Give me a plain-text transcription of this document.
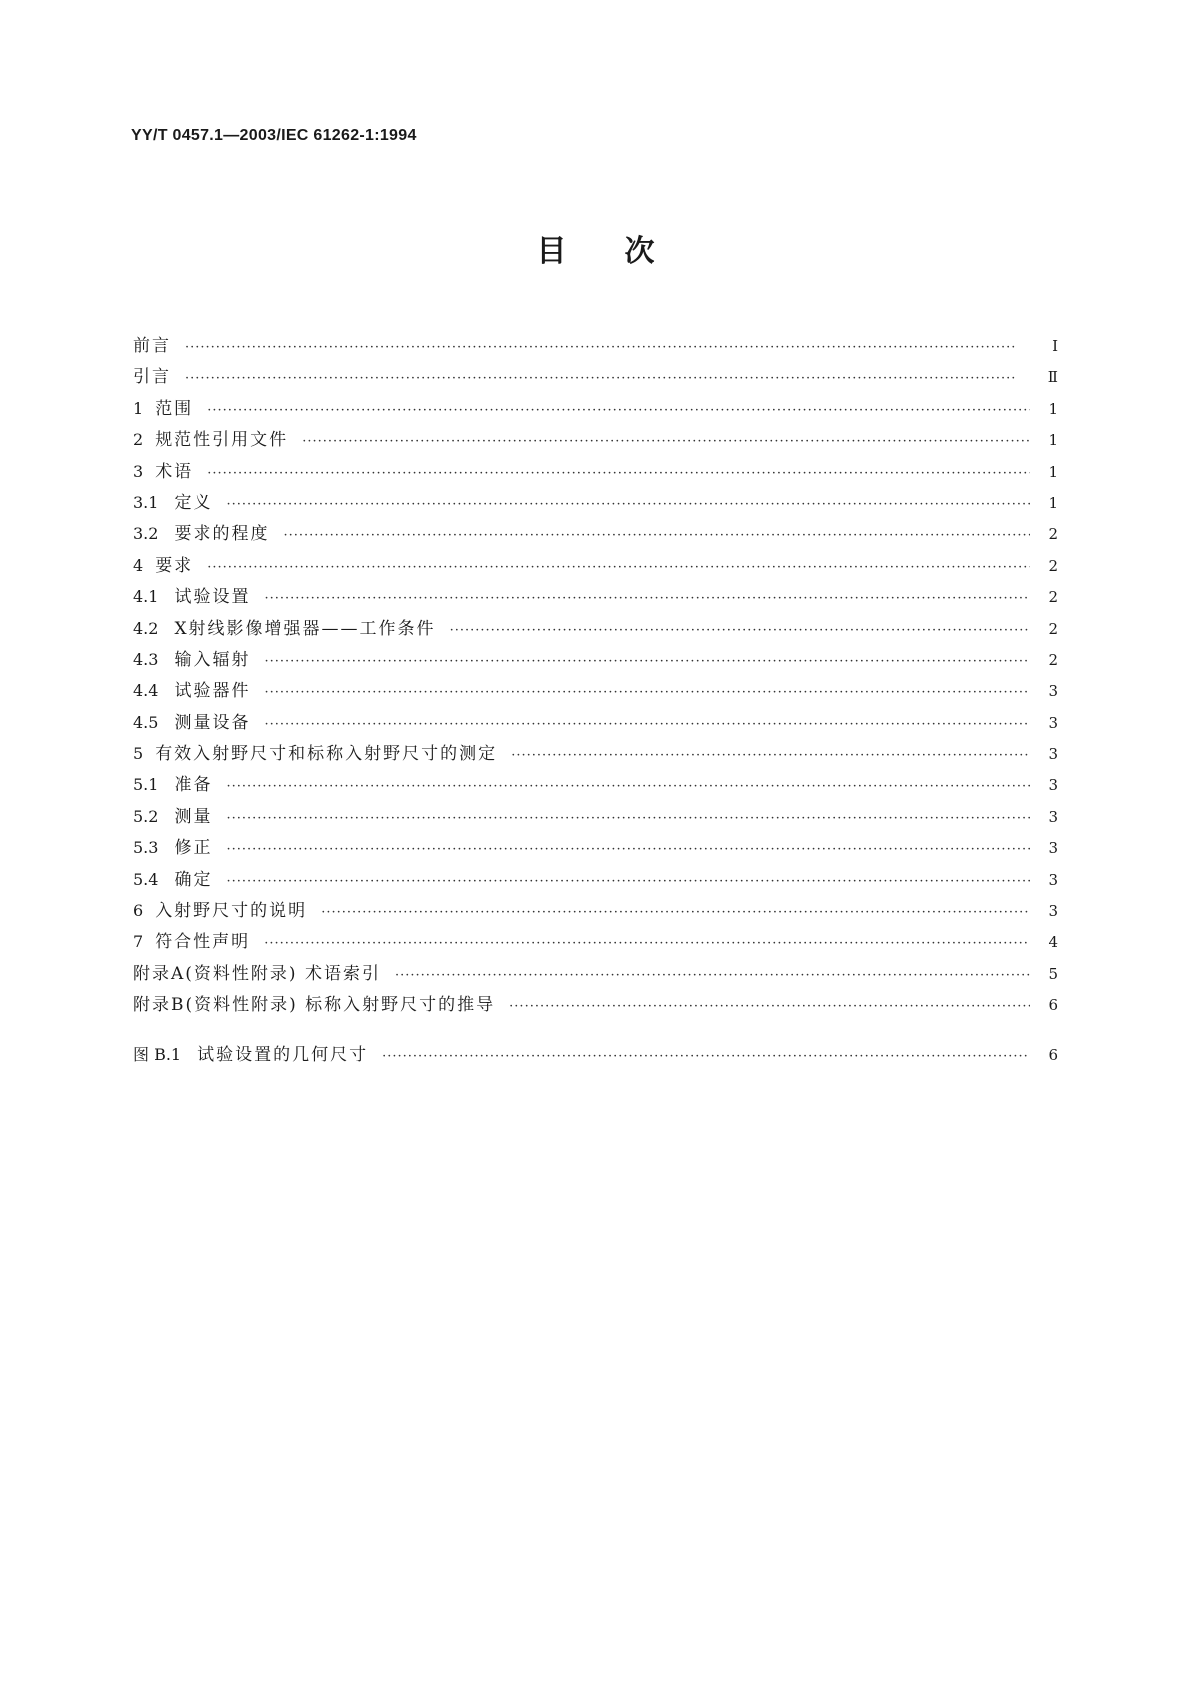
YY/T 0457.1—2003/IEC 61262-1:1994
目次
前言 ·····	Ⅰ
引言 ·····	Ⅱ
1 范围 ·····	1
2 规范性引用文件 ·····	1
3 术语 ·····	1
3.1 定义 ·····	1
3.2 要求的程度 ·····	2
4 要求 ·····	2
4.1 试验设置 ·····	2
4.2 X射线影像增强器——工作条件 ·····	2
4.3 输入辐射 ·····	2
4.4 试验器件 ·····	3
4.5 测量设备 ·····	3
5 有效入射野尺寸和标称入射野尺寸的测定 ·····	3
5.1 准备 ·····	3
5.2 测量 ·····	3
5.3 修正 ·····	3
5.4 确定 ·····	3
6 入射野尺寸的说明 ·····	3
7 符合性声明 ·····	4
附录A(资料性附录) 术语索引 ·····	5
附录B(资料性附录) 标称入射野尺寸的推导 ·····	6
图 B.1 试验设置的几何尺寸 ·····	6
